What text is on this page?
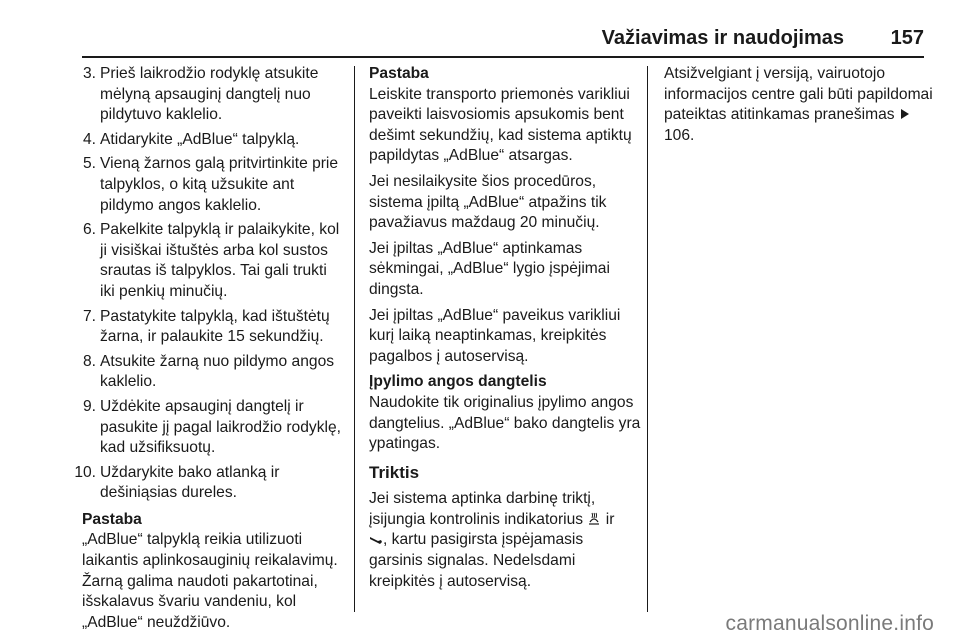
Važiavimas ir naudojimas 157
3. Prieš laikrodžio rodyklę atsukite mėlyną apsauginį dangtelį nuo pildytuvo kaklelio.
4. Atidarykite „AdBlue“ talpyklą.
5. Vieną žarnos galą pritvirtinkite prie talpyklos, o kitą užsukite ant pildymo angos kaklelio.
6. Pakelkite talpyklą ir palaikykite, kol ji visiškai ištuštės arba kol sustos srautas iš talpyklos. Tai gali trukti iki penkių minučių.
7. Pastatykite talpyklą, kad ištuštėtų žarna, ir palaukite 15 sekundžių.
8. Atsukite žarną nuo pildymo angos kaklelio.
9. Uždėkite apsauginį dangtelį ir pasukite jį pagal laikrodžio rodyklę, kad užsifiksuotų.
10. Uždarykite bako atlanką ir dešiniąsias dureles.
Pastaba
„AdBlue“ talpyklą reikia utilizuoti laikantis aplinkosauginių reikalavimų. Žarną galima naudoti pakartotinai, išskalavus švariu vandeniu, kol „AdBlue“ neuždžiūvo.
Pastaba
Leiskite transporto priemonės varikliui paveikti laisvosiomis apsukomis bent dešimt sekundžių, kad sistema aptiktų papildytas „AdBlue“ atsargas.
Jei nesilaikysite šios procedūros, sistema įpiltą „AdBlue“ atpažins tik pavažiavus maždaug 20 minučių.
Jei įpiltas „AdBlue“ aptinkamas sėkmingai, „AdBlue“ lygio įspėjimai dingsta.
Jei įpiltas „AdBlue“ paveikus varikliui kurį laiką neaptinkamas, kreipkitės pagalbos į autoservisą.
Įpylimo angos dangtelis
Naudokite tik originalius įpylimo angos dangtelius. „AdBlue“ bako dangtelis yra ypatingas.
Triktis
Jei sistema aptinka darbinę triktį, įsijungia kontrolinis indikatorius ir
, kartu pasigirsta įspėjamasis garsinis signalas. Nedelsdami kreipkitės į autoservisą.
Atsižvelgiant į versiją, vairuotojo informacijos centre gali būti papildomai pateiktas atitinkamas pranešimas 106.
carmanualsonline.info
